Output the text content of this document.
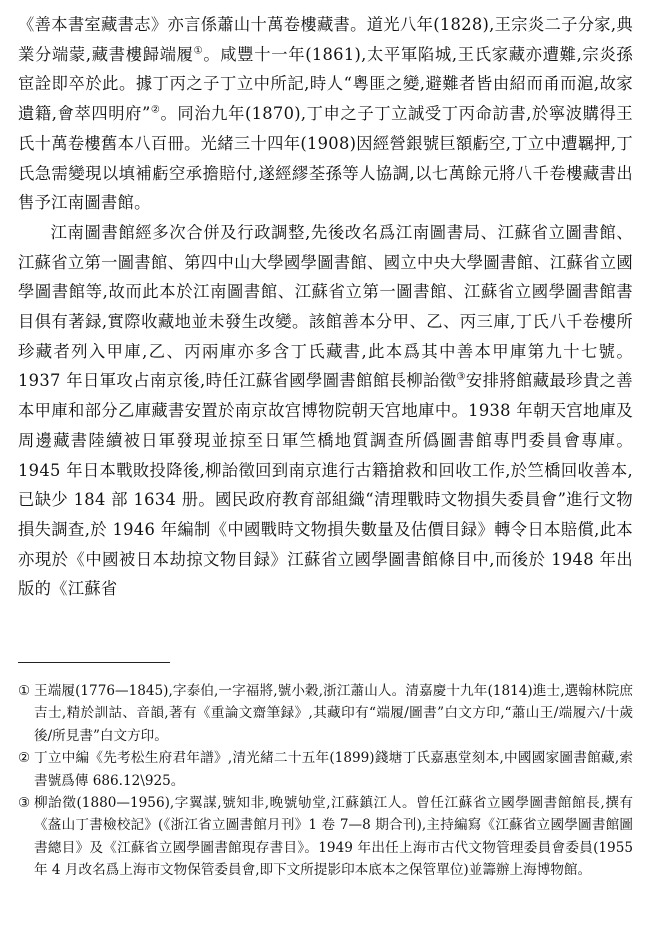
《善本書室藏書志》亦言係蕭山十萬卷樓藏書。道光八年(1828),王宗炎二子分家,典業分端蒙,藏書樓歸端履①。咸豐十一年(1861),太平軍陷城,王氏家藏亦遭難,宗炎孫宦詮即卒於此。據丁丙之子丁立中所記,時人“粵匪之變,避難者皆由紹而甬而滬,故家遺籍,會萃四明府”②。同治九年(1870),丁申之子丁立誠受丁丙命訪書,於寧波購得王氏十萬卷樓舊本八百冊。光緒三十四年(1908)因經營銀號巨額虧空,丁立中遭羈押,丁氏急需變現以填補虧空承擔賠付,遂經繆荃孫等人協調,以七萬餘元將八千卷樓藏書出售予江南圖書館。

江南圖書館經多次合併及行政調整,先後改名爲江南圖書局、江蘇省立圖書館、江蘇省立第一圖書館、第四中山大學國學圖書館、國立中央大學圖書館、江蘇省立國學圖書館等,故而此本於江南圖書館、江蘇省立第一圖書館、江蘇省立國學圖書館書目俱有著録,實際收藏地並未發生改變。該館善本分甲、乙、丙三庫,丁氏八千卷樓所珍藏者列入甲庫,乙、丙兩庫亦多含丁氏藏書,此本爲其中善本甲庫第九十七號。1937 年日軍攻占南京後,時任江蘇省國學圖書館館長柳詒徵③安排將館藏最珍貴之善本甲庫和部分乙庫藏書安置於南京故宫博物院朝天宫地庫中。1938 年朝天宫地庫及周邊藏書陸續被日軍發現並掠至日軍竺橋地質調查所僞圖書館專門委員會專庫。1945 年日本戰敗投降後,柳詒徵回到南京進行古籍搶救和回收工作,於竺橋回收善本,已缺少 184 部 1634 册。國民政府教育部組織“清理戰時文物損失委員會”進行文物損失調查,於 1946 年編制《中國戰時文物損失數量及估價目録》轉令日本賠償,此本亦現於《中國被日本劫掠文物目録》江蘇省立國學圖書館條目中,而後於 1948 年出版的《江蘇省

① 王端履(1776—1845),字泰伯,一字福將,號小穀,浙江蕭山人。清嘉慶十九年(1814)進士,選翰林院庶吉士,精於訓詁、音韻,著有《重論文齋筆録》,其藏印有“端履/圖書”白文方印,“蕭山王/端履六/十歲後/所見書”白文方印。
② 丁立中編《先考松生府君年譜》,清光緒二十五年(1899)錢塘丁氏嘉惠堂刻本,中國國家圖書館藏,索書號爲傳 686.12\925。
③ 柳詒徵(1880—1956),字翼謀,號知非,晚號劬堂,江蘇鎮江人。曾任江蘇省立國學圖書館館長,撰有《盋山丁書檢校記》(《浙江省立圖書館月刊》1 卷 7—8 期合刊),主持編寫《江蘇省立國學圖書館圖書總目》及《江蘇省立國學圖書館現存書目》。1949 年出任上海市古代文物管理委員會委員(1955 年 4 月改名爲上海市文物保管委員會,即下文所提影印本底本之保管單位)並籌辦上海博物館。
